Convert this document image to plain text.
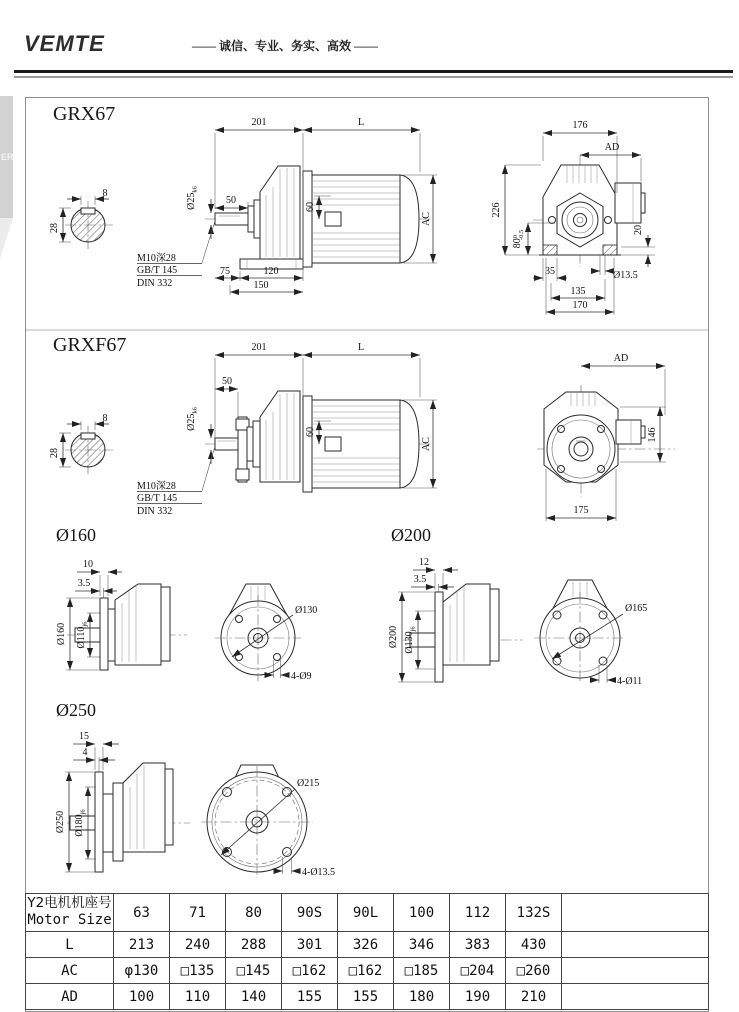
VEMTE	—— 诚信、专业、务实、高效 ——
ER
GRX67
GRXF67
Ø160	Ø200
Ø250
8
28
201	L
50
$Ø25_{k6}$
60
AC
M10深28
GB/T 145
DIN 332
75	120
150
176
AD
226
$80^0-0.5$
35
20
Ø13.5
135
170
8
28
201	L
50
$Ø25_{k6}$
60
AC
M10深28
GB/T 145
DIN 332
AD
146
175
10
3.5
Ø160 $Ø110_{j6}$
Ø130
4-Ø9
12
3.5
Ø200 $Ø130_{j6}$
Ø165
4-Ø11
15
4
Ø250 $Ø180_{j6}$
Ø215
4-Ø13.5
Y2电机机座号
Motor Size	63	71	80	90S	90L	100	112	132S	
L	213	240	288	301	326	346	383	430	
AC	φ130	□135	□145	□162	□162	□185	□204	□260	
AD	100	110	140	155	155	180	190	210	
